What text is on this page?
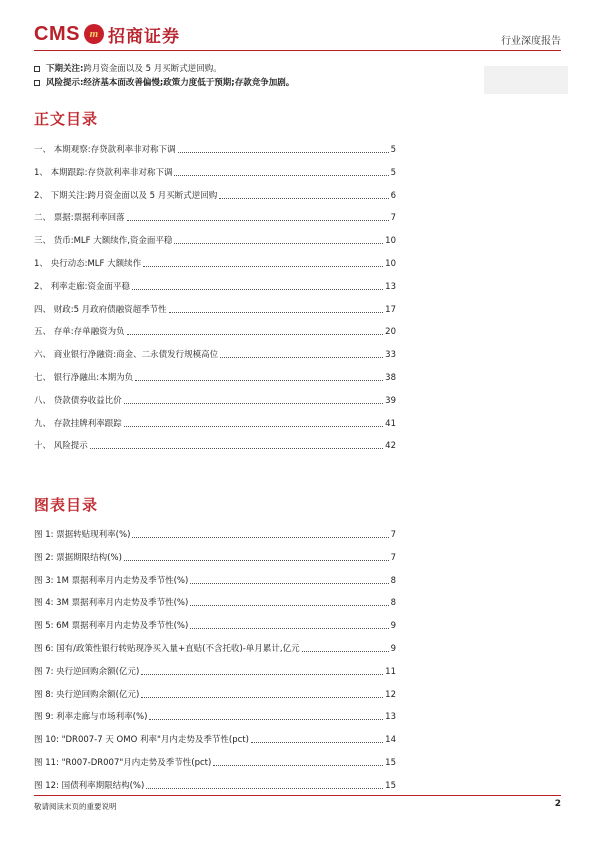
CMS m 招商证券	行业深度报告
下期关注:跨月资金面以及 5 月买断式逆回购。
风险提示:经济基本面改善偏慢;政策力度低于预期;存款竞争加剧。
正文目录
一、 本期观察:存贷款利率非对称下调	5
1、 本期跟踪:存贷款利率非对称下调	5
2、 下期关注:跨月资金面以及 5 月买断式逆回购	6
二、 票据:票据利率回落	7
三、 货币:MLF 大额续作,资金面平稳	10
1、 央行动态:MLF 大额续作	10
2、 利率走廊:资金面平稳	13
四、 财政:5 月政府债融资超季节性	17
五、 存单:存单融资为负	20
六、 商业银行净融资:商金、二永债发行规模高位	33
七、 银行净融出:本期为负	38
八、 贷款债券收益比价	39
九、 存款挂牌利率跟踪	41
十、 风险提示	42
图表目录
图 1: 票据转贴现利率(%)	7
图 2: 票据期限结构(%)	7
图 3: 1M 票据利率月内走势及季节性(%)	8
图 4: 3M 票据利率月内走势及季节性(%)	8
图 5: 6M 票据利率月内走势及季节性(%)	9
图 6: 国有/政策性银行转贴现净买入量+直贴(不含托收)-单月累计,亿元	9
图 7: 央行逆回购余额(亿元)	11
图 8: 央行逆回购余额(亿元)	12
图 9: 利率走廊与市场利率(%)	13
图 10: "DR007-7 天 OMO 利率"月内走势及季节性(pct)	14
图 11: "R007-DR007"月内走势及季节性(pct)	15
图 12: 国债利率期限结构(%)	15
敬请阅读末页的重要说明	2
